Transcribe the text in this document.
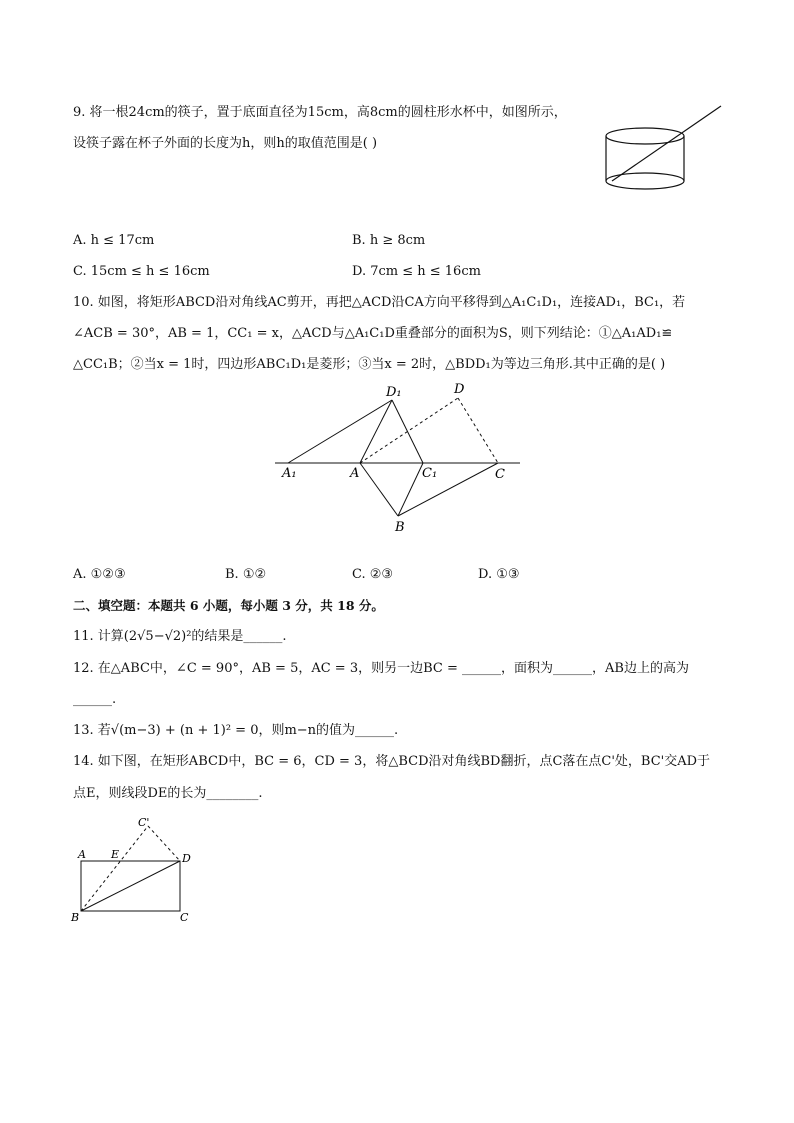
9. 将一根24cm的筷子，置于底面直径为15cm，高8cm的圆柱形水杯中，如图所示，
设筷子露在杯子外面的长度为h，则h的取值范围是( )
A. h ≤ 17cm	B. h ≥ 8cm
C. 15cm ≤ h ≤ 16cm	D. 7cm ≤ h ≤ 16cm
10. 如图，将矩形ABCD沿对角线AC剪开，再把△ACD沿CA方向平移得到△A₁C₁D₁，连接AD₁，BC₁，若
∠ACB = 30°，AB = 1，CC₁ = x，△ACD与△A₁C₁D重叠部分的面积为S，则下列结论：①△A₁AD₁≌
△CC₁B；②当x = 1时，四边形ABC₁D₁是菱形；③当x = 2时，△BDD₁为等边三角形.其中正确的是( )
D₁	D
A₁	A	C₁	C
B
A. ①②③	B. ①②	C. ②③	D. ①③
二、填空题：本题共 6 小题，每小题 3 分，共 18 分。
11. 计算(2√5−√2)²的结果是______.
12. 在△ABC中，∠C = 90°，AB = 5，AC = 3，则另一边BC = ______，面积为______，AB边上的高为
______.
13. 若√(m−3) + (n + 1)² = 0，则m−n的值为______.
14. 如下图，在矩形ABCD中，BC = 6，CD = 3，将△BCD沿对角线BD翻折，点C落在点C'处，BC'交AD于
点E，则线段DE的长为________.
C'
A E	D
B	C
